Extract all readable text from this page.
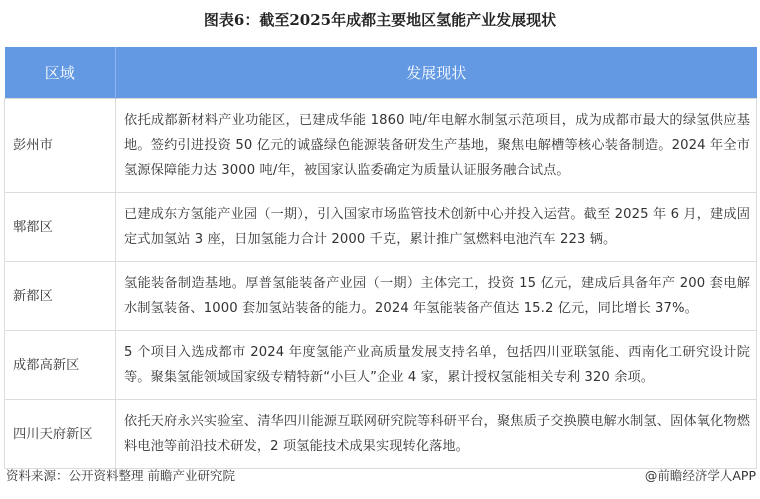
图表6：截至2025年成都主要地区氢能产业发展现状
区域	发展现状
彭州市	依托成都新材料产业功能区，已建成华能 1860 吨/年电解水制氢示范项目，成为成都市最大的绿氢供应基地。签约引进投资 50 亿元的诚盛绿色能源装备研发生产基地，聚焦电解槽等核心装备制造。2024 年全市氢源保障能力达 3000 吨/年，被国家认监委确定为质量认证服务融合试点。
郫都区	已建成东方氢能产业园（一期），引入国家市场监管技术创新中心并投入运营。截至 2025 年 6 月，建成固定式加氢站 3 座，日加氢能力合计 2000 千克，累计推广氢燃料电池汽车 223 辆。
新都区	氢能装备制造基地。厚普氢能装备产业园（一期）主体完工，投资 15 亿元，建成后具备年产 200 套电解水制氢装备、1000 套加氢站装备的能力。2024 年氢能装备产值达 15.2 亿元，同比增长 37%。
成都高新区	5 个项目入选成都市 2024 年度氢能产业高质量发展支持名单，包括四川亚联氢能、西南化工研究设计院等。聚集氢能领域国家级专精特新“小巨人”企业 4 家，累计授权氢能相关专利 320 余项。
四川天府新区	依托天府永兴实验室、清华四川能源互联网研究院等科研平台，聚焦质子交换膜电解水制氢、固体氧化物燃料电池等前沿技术研发，2 项氢能技术成果实现转化落地。
资料来源：公开资料整理 前瞻产业研究院	@前瞻经济学人APP
